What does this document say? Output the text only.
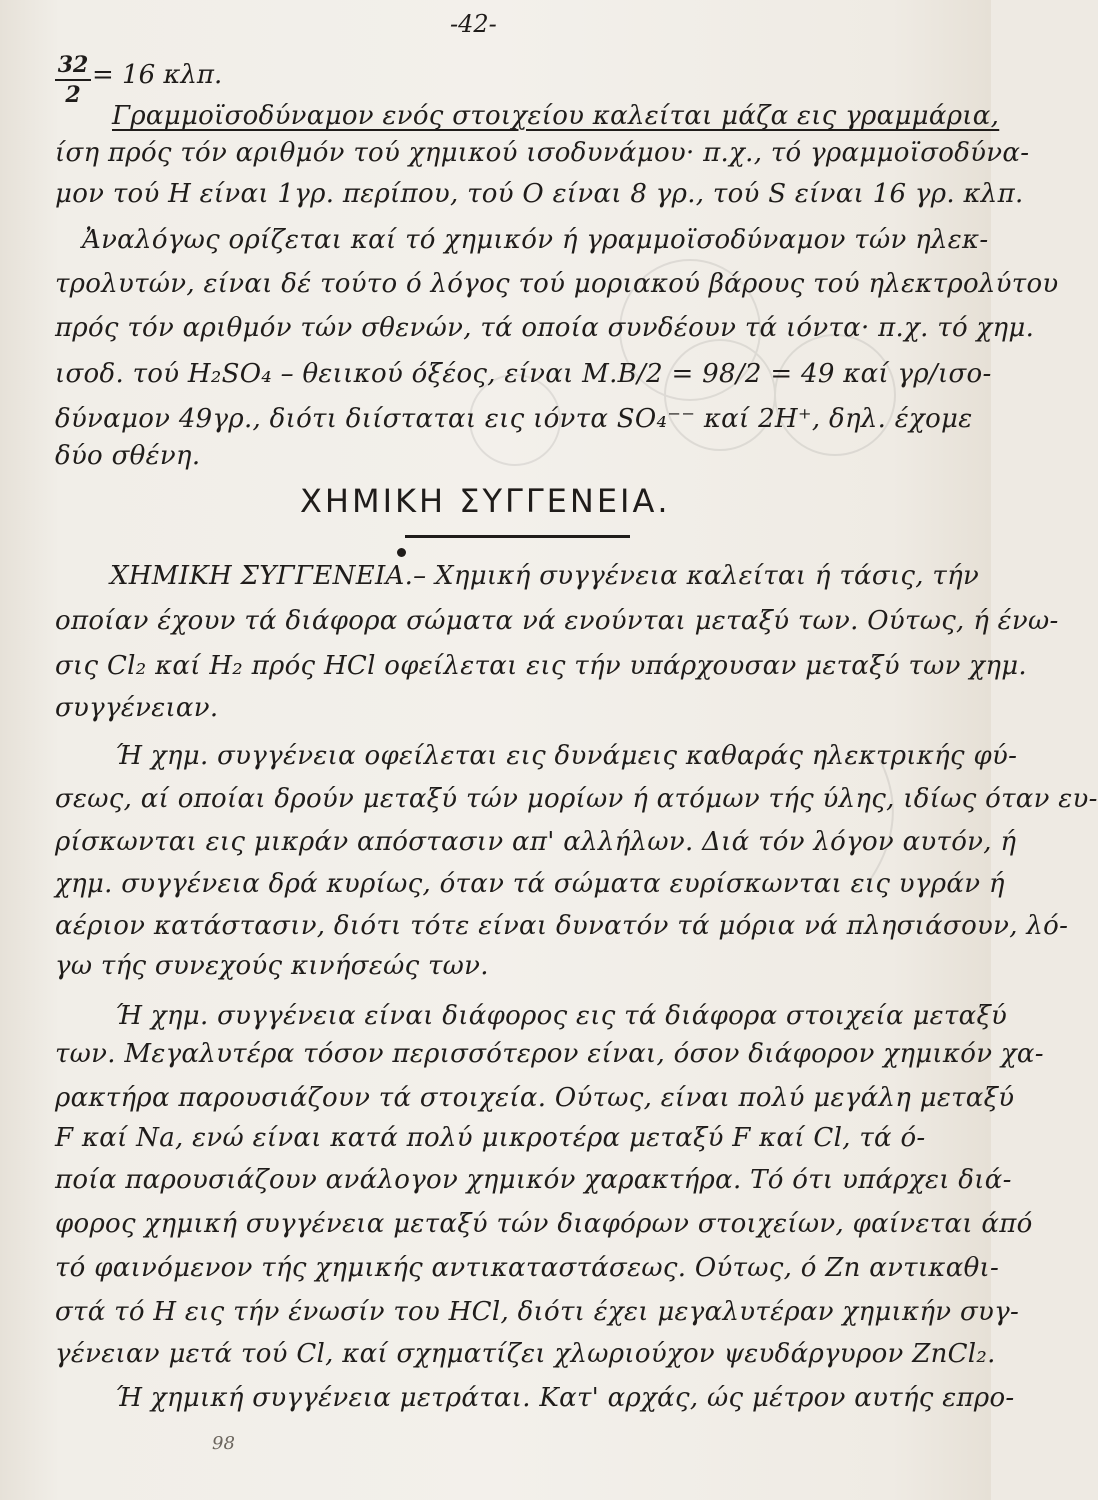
-42-
32
2
= 16 κλπ.
Γραμμοϊσοδύναμον ενός στοιχείου καλείται μάζα εις γραμμάρια,
ίση πρός τόν αριθμόν τού χημικού ισοδυνάμου· π.χ., τό γραμμοϊσοδύνα-
μον τού Η είναι 1γρ. περίπου, τού Ο είναι 8 γρ., τού S είναι 16 γρ. κλπ.
Ἀναλόγως ορίζεται καί τό χημικόν ή γραμμοϊσοδύναμον τών ηλεκ-
τρολυτών, είναι δέ τούτο ό λόγος τού μοριακού βάρους τού ηλεκτρολύτου
πρός τόν αριθμόν τών σθενών, τά οποία συνδέουν τά ιόντα· π.χ. τό χημ.
ισοδ. τού H₂SO₄ – θειικού όξέος, είναι M.B/2 = 98/2 = 49 καί γρ/ισο-
δύναμον 49γρ., διότι διίσταται εις ιόντα SO₄⁻⁻ καί 2H⁺, δηλ. έχομε
δύο σθένη.
ΧΗΜΙΚΗ ΣΥΓΓΕΝΕΙΑ.
ΧΗΜΙΚΗ ΣΥΓΓΕΝΕΙΑ.– Χημική συγγένεια καλείται ή τάσις, τήν
οποίαν έχουν τά διάφορα σώματα νά ενούνται μεταξύ των. Ούτως, ή ένω-
σις Cl₂ καί H₂ πρός HCl οφείλεται εις τήν υπάρχουσαν μεταξύ των χημ.
συγγένειαν.
Ή χημ. συγγένεια οφείλεται εις δυνάμεις καθαράς ηλεκτρικής φύ-
σεως, αί οποίαι δρούν μεταξύ τών μορίων ή ατόμων τής ύλης, ιδίως όταν ευ-
ρίσκωνται εις μικράν απόστασιν απ' αλλήλων. Διά τόν λόγον αυτόν, ή
χημ. συγγένεια δρά κυρίως, όταν τά σώματα ευρίσκωνται εις υγράν ή
αέριον κατάστασιν, διότι τότε είναι δυνατόν τά μόρια νά πλησιάσουν, λό-
γω τής συνεχούς κινήσεώς των.
Ή χημ. συγγένεια είναι διάφορος εις τά διάφορα στοιχεία μεταξύ
των. Μεγαλυτέρα τόσον περισσότερον είναι, όσον διάφορον χημικόν χα-
ρακτήρα παρουσιάζουν τά στοιχεία. Ούτως, είναι πολύ μεγάλη μεταξύ
F καί Na, ενώ είναι κατά πολύ μικροτέρα μεταξύ F καί Cl, τά ό-
ποία παρουσιάζουν ανάλογον χημικόν χαρακτήρα. Τό ότι υπάρχει διά-
φορος χημική συγγένεια μεταξύ τών διαφόρων στοιχείων, φαίνεται άπό
τό φαινόμενον τής χημικής αντικαταστάσεως. Ούτως, ό Zn αντικαθι-
στά τό Η εις τήν ένωσίν του HCl, διότι έχει μεγαλυτέραν χημικήν συγ-
γένειαν μετά τού Cl, καί σχηματίζει χλωριούχον ψευδάργυρον ZnCl₂.
Ή χημική συγγένεια μετράται. Κατ' αρχάς, ώς μέτρον αυτής επρο-
98
